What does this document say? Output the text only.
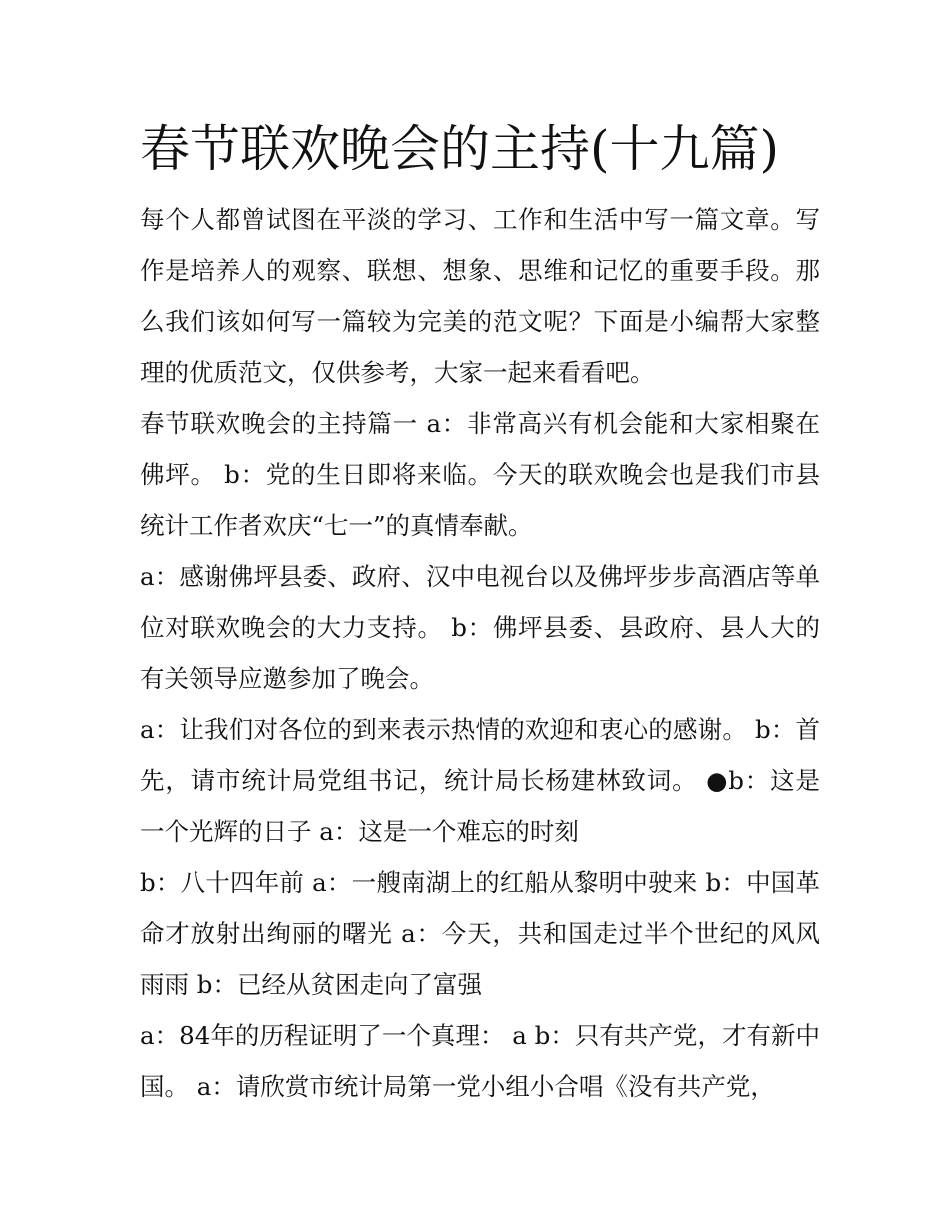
春节联欢晚会的主持(十九篇)

每个人都曾试图在平淡的学习、工作和生活中写一篇文章。写作是培养人的观察、联想、想象、思维和记忆的重要手段。那么我们该如何写一篇较为完美的范文呢？下面是小编帮大家整理的优质范文，仅供参考，大家一起来看看吧。

春节联欢晚会的主持篇一 a：非常高兴有机会能和大家相聚在佛坪。 b：党的生日即将来临。今天的联欢晚会也是我们市县统计工作者欢庆“七一”的真情奉献。

a：感谢佛坪县委、政府、汉中电视台以及佛坪步步高酒店等单位对联欢晚会的大力支持。 b：佛坪县委、县政府、县人大的有关领导应邀参加了晚会。

a：让我们对各位的到来表示热情的欢迎和衷心的感谢。 b：首先，请市统计局党组书记，统计局长杨建林致词。 ●b：这是一个光辉的日子 a：这是一个难忘的时刻

b：八十四年前 a：一艘南湖上的红船从黎明中驶来 b：中国革命才放射出绚丽的曙光 a：今天，共和国走过半个世纪的风风雨雨 b：已经从贫困走向了富强

a：84年的历程证明了一个真理： a b：只有共产党，才有新中国。 a：请欣赏市统计局第一党小组小合唱《没有共产党，
